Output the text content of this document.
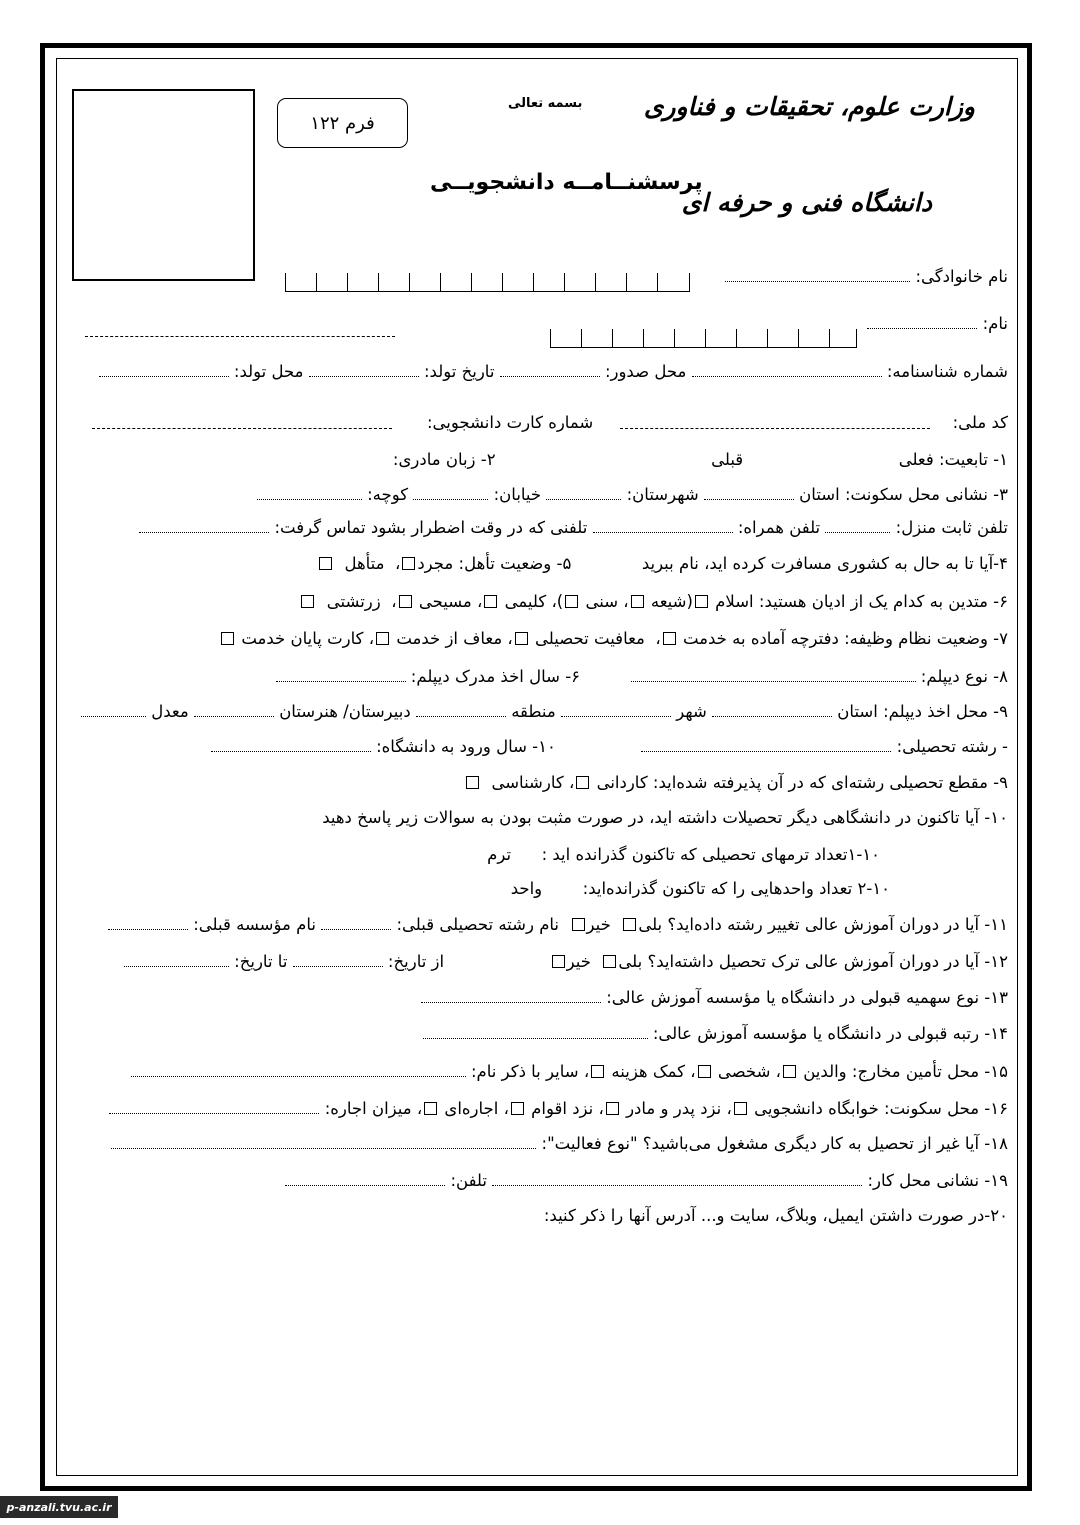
فرم ۱۲۲
بسمه تعالی وزارت علوم، تحقیقات و فناوری
دانشگاه فنی و حرفه ای
پرسشنــامــه دانشجویــی
نام خانوادگی:
نام:
شماره شناسنامه:  محل صدور:  تاریخ تولد:  محل تولد:
کد ملی:
شماره کارت دانشجویی:
۱- تابعیت: فعلی  قبلی  ۲- زبان مادری:
۳- نشانی محل سکونت: استان  شهرستان:  خیابان:  کوچه:
تلفن ثابت منزل:  تلفن همراه:  تلفنی که در وقت اضطرار بشود تماس گرفت:
۴-آیا تا به حال به کشوری مسافرت کرده اید، نام ببرید  ۵- وضعیت تأهل: مجرد،  متأهل
۶- متدین به کدام یک از ادیان هستید: اسلام (شیعه ، سنی )، کلیمی ، مسیحی ،  زرتشتی
۷- وضعیت نظام وظیفه: دفترچه آماده به خدمت ،  معافیت تحصیلی ، معاف از خدمت ، کارت پایان خدمت
۸- نوع دیپلم:   ۶- سال اخذ مدرک دیپلم:
۹- محل اخذ دیپلم: استان  شهر  منطقه  دبیرستان/ هنرستان  معدل
- رشته تحصیلی:   ۱۰- سال ورود به دانشگاه:
۹- مقطع تحصیلی رشته‌ای که در آن پذیرفته شده‌اید: کاردانی ، کارشناسی
۱۰- آیا تاکنون در دانشگاهی دیگر تحصیلات داشته اید، در صورت مثبت بودن به سوالات زیر پاسخ دهید
۱-۱۰تعداد ترمهای تحصیلی که تاکنون گذرانده اید :  ترم
۲-۱۰ تعداد واحدهایی را که تاکنون گذرانده‌اید:  واحد
۱۱- آیا در دوران آموزش عالی تغییر رشته داده‌اید؟ بلی  خیر  نام رشته تحصیلی قبلی:  نام مؤسسه قبلی:
۱۲- آیا در دوران آموزش عالی ترک تحصیل داشته‌اید؟ بلی  خیر  از تاریخ:  تا تاریخ:
۱۳- نوع سهمیه قبولی در دانشگاه یا مؤسسه آموزش عالی:
۱۴- رتبه قبولی در دانشگاه یا مؤسسه آموزش عالی:
۱۵- محل تأمین مخارج: والدین ، شخصی ، کمک هزینه ، سایر با ذکر نام:
۱۶- محل سکونت: خوابگاه دانشجویی ، نزد پدر و مادر ، نزد اقوام ، اجاره‌ای ، میزان اجاره:
۱۸- آیا غیر از تحصیل به کار دیگری مشغول می‌باشید؟ "نوع فعالیت":
۱۹- نشانی محل کار:  تلفن:
۲۰-در صورت داشتن ایمیل، وبلاگ، سایت و... آدرس آنها را ذکر کنید:
p-anzali.tvu.ac.ir
